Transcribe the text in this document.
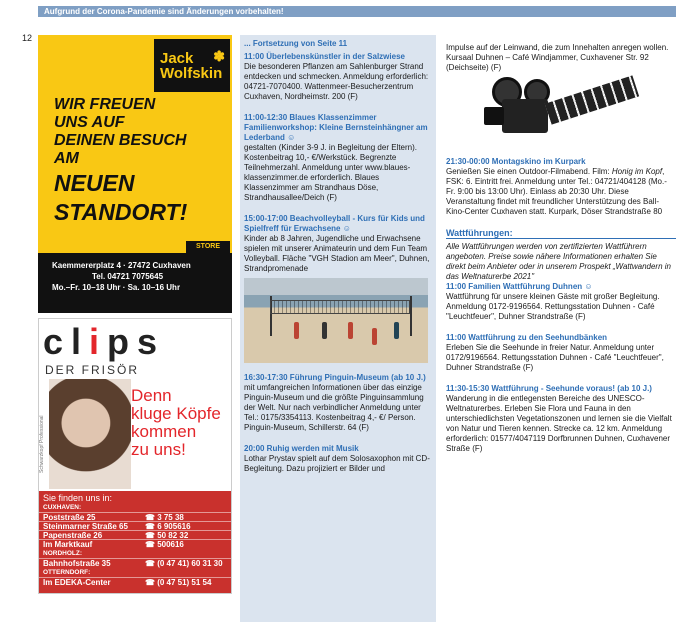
Aufgrund der Corona-Pandemie sind Änderungen vorbehalten!
12
Jack
Wolfskin
✽
WIR FREUEN
UNS AUF
DEINEN BESUCH
AM
NEUEN
STANDORT!
STORE
Kaemmererplatz 4 · 27472 Cuxhaven
Tel. 04721 7075645
Mo.–Fr. 10–18 Uhr · Sa. 10–16 Uhr
clips
DER FRISÖR
Schwarzkopf Professional
Denn
kluge Köpfe
kommen
zu uns!
Sie finden uns in:
CUXHAVEN:
Poststraße 25	☎ 3 75 38
Steinmarner Straße 65 ☎ 6 905616
Papenstraße 26	☎ 50 82 32
Im Marktkauf	☎ 500616
NORDHOLZ:
Bahnhofstraße 35	☎ (0 47 41) 60 31 30
OTTERNDORF:
Im EDEKA-Center	☎ (0 47 51) 51 54

... Fortsetzung von Seite 11

11:00 Überlebenskünstler in der Salzwiese

Die besonderen Pflanzen am Sahlenburger Strand entdecken und schmecken. Anmeldung erforderlich: 04721-7070400. Wattenmeer-Besucherzentrum Cuxhaven, Nordheimstr. 200 (F)

11:00-12:30 Blaues Klassenzimmer Familienworkshop: Kleine Bernsteinhängner am Lederband ☺

gestalten (Kinder 3-9 J. in Begleitung der Eltern). Kostenbeitrag 10,- €/Werkstück. Begrenzte Teilnehmerzahl. Anmeldung unter www.blaues-klassenzimmer.de erforderlich. Blaues Klassenzimmer am Strandhaus Döse, Strandhausallee/Deich (F)

15:00-17:00 Beachvolleyball - Kurs für Kids und Spielfreff für Erwachsene ☺

Kinder ab 8 Jahren, Jugendliche und Erwachsene spielen mit unserer Animateurin und dem Fun Team Volleyball. Fläche "VGH Stadion am Meer", Duhnen, Strandpromenade

16:30-17:30 Führung Pinguin-Museum (ab 10 J.)

mit umfangreichen Informationen über das einzige Pinguin-Museum und die größte Pinguinsammlung der Welt. Nur nach verbindlicher Anmeldung unter Tel.: 0175/3354113. Kostenbeitrag 4,- €/ Person. Pinguin-Museum, Schillerstr. 64 (F)

20:00 Ruhig werden mit Musik

Lothar Prystav spielt auf dem Solosaxophon mit CD-Begleitung. Dazu projiziert er Bilder und

Impulse auf der Leinwand, die zum Innehalten anregen wollen. Kursaal Duhnen – Café Windjammer, Cuxhavener Str. 92 (Deichseite) (F)

21:30-00:00 Montagskino im Kurpark

Genießen Sie einen Outdoor-Filmabend. Film: Honig im Kopf, FSK: 6. Eintritt frei. Anmeldung unter Tel.: 04721/404128 (Mo.-Fr. 9:00 bis 13:00 Uhr). Einlass ab 20:30 Uhr. Diese Veranstaltung findet mit freundlicher Unterstützung des Ball-Kino-Center Cuxhaven statt. Kurpark, Döser Strandstraße 80

Wattführungen:

Alle Wattführungen werden von zertifizierten Wattführern angeboten. Preise sowie nähere Informationen erhalten Sie direkt beim Anbieter oder in unserem Prospekt „Wattwandern in das Weltnaturerbe 2021"

11:00 Familien Wattführung Duhnen ☺

Wattführung für unsere kleinen Gäste mit großer Begleitung. Anmeldung 0172-9196564. Rettungsstation Duhnen - Café "Leuchtfeuer", Duhner Strandstraße (F)

11:00 Wattführung zu den Seehundbänken

Erleben Sie die Seehunde in freier Natur. Anmeldung unter 0172/9196564. Rettungsstation Duhnen - Café "Leuchtfeuer", Duhner Strandstraße (F)

11:30-15:30 Wattführung - Seehunde voraus! (ab 10 J.)

Wanderung in die entlegensten Bereiche des UNESCO-Weltnaturerbes. Erleben Sie Flora und Fauna in den unterschiedlichsten Vegetationszonen und lernen sie die Vielfalt von Natur und Tieren kennen. Strecke ca. 12 km. Anmeldung erforderlich: 01577/4047119 Dorfbrunnen Duhnen, Cuxhavener Straße (F)
